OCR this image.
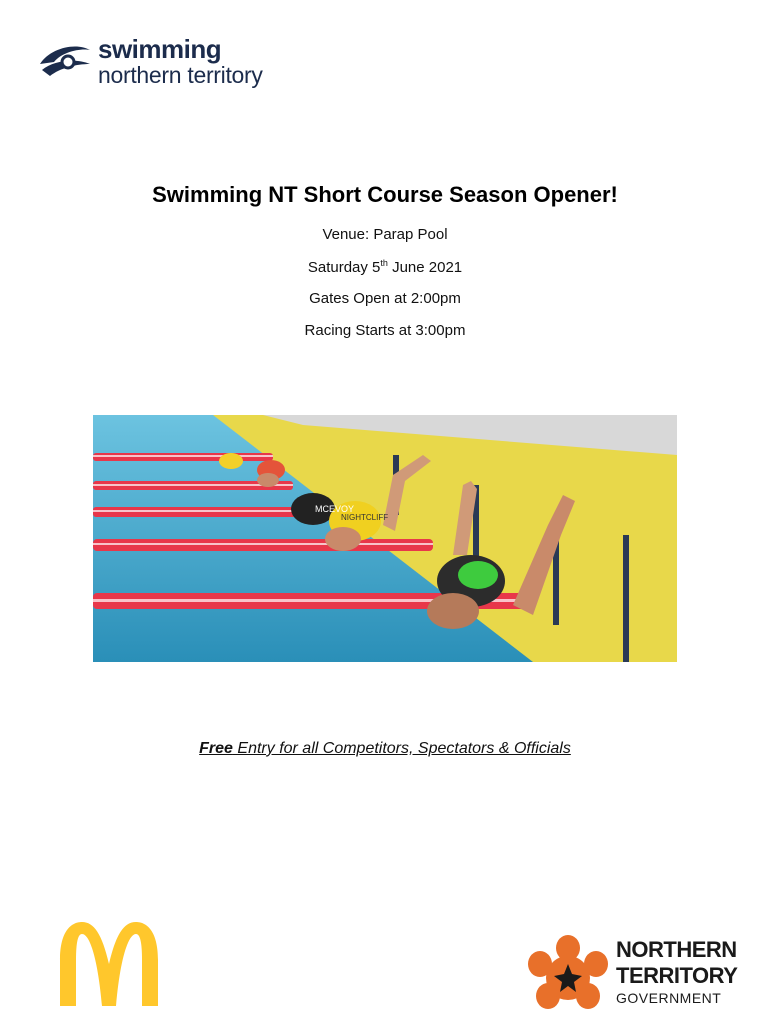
swimming
northern territory
Swimming NT Short Course Season Opener!
Venue: Parap Pool
Saturday 5th June 2021
Gates Open at 2:00pm
Racing Starts at 3:00pm
MCEVOY
NIGHTCLIFF
Free Entry for all Competitors, Spectators & Officials
NORTHERN
TERRITORY
GOVERNMENT
